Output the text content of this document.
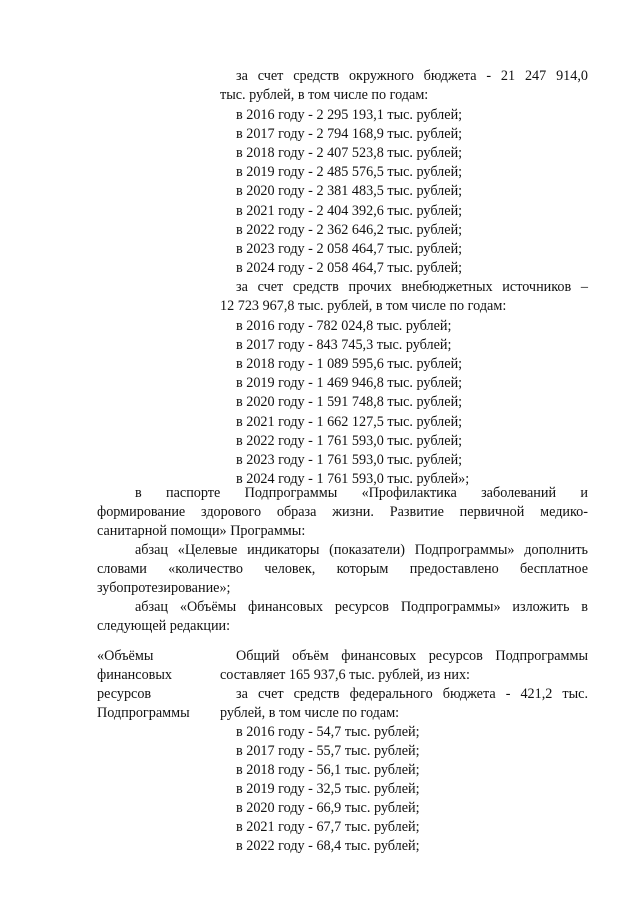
за счет средств окружного бюджета - 21 247 914,0
тыс. рублей, в том числе по годам:
в 2016 году - 2 295 193,1 тыс. рублей;
в 2017 году - 2 794 168,9 тыс. рублей;
в 2018 году - 2 407 523,8 тыс. рублей;
в 2019 году - 2 485 576,5 тыс. рублей;
в 2020 году - 2 381 483,5 тыс. рублей;
в 2021 году - 2 404 392,6 тыс. рублей;
в 2022 году - 2 362 646,2 тыс. рублей;
в 2023 году - 2 058 464,7 тыс. рублей;
в 2024 году - 2 058 464,7 тыс. рублей;
за счет средств прочих внебюджетных источников –
12 723 967,8 тыс. рублей, в том числе по годам:
в 2016 году - 782 024,8 тыс. рублей;
в 2017 году - 843 745,3 тыс. рублей;
в 2018 году - 1 089 595,6 тыс. рублей;
в 2019 году - 1 469 946,8 тыс. рублей;
в 2020 году - 1 591 748,8 тыс. рублей;
в 2021 году - 1 662 127,5 тыс. рублей;
в 2022 году - 1 761 593,0 тыс. рублей;
в 2023 году - 1 761 593,0 тыс. рублей;
в 2024 году - 1 761 593,0 тыс. рублей»;
в паспорте Подпрограммы «Профилактика заболеваний и
формирование здорового образа жизни. Развитие первичной медико-
санитарной помощи» Программы:
абзац «Целевые индикаторы (показатели) Подпрограммы» дополнить
словами «количество человек, которым предоставлено бесплатное
зубопротезирование»;
абзац «Объёмы финансовых ресурсов Подпрограммы» изложить в
следующей редакции:
«Объёмы
финансовых
ресурсов
Подпрограммы
Общий объём финансовых ресурсов Подпрограммы
составляет 165 937,6 тыс. рублей, из них:
за счет средств федерального бюджета - 421,2 тыс.
рублей, в том числе по годам:
в 2016 году - 54,7 тыс. рублей;
в 2017 году - 55,7 тыс. рублей;
в 2018 году - 56,1 тыс. рублей;
в 2019 году - 32,5 тыс. рублей;
в 2020 году - 66,9 тыс. рублей;
в 2021 году - 67,7 тыс. рублей;
в 2022 году - 68,4 тыс. рублей;
